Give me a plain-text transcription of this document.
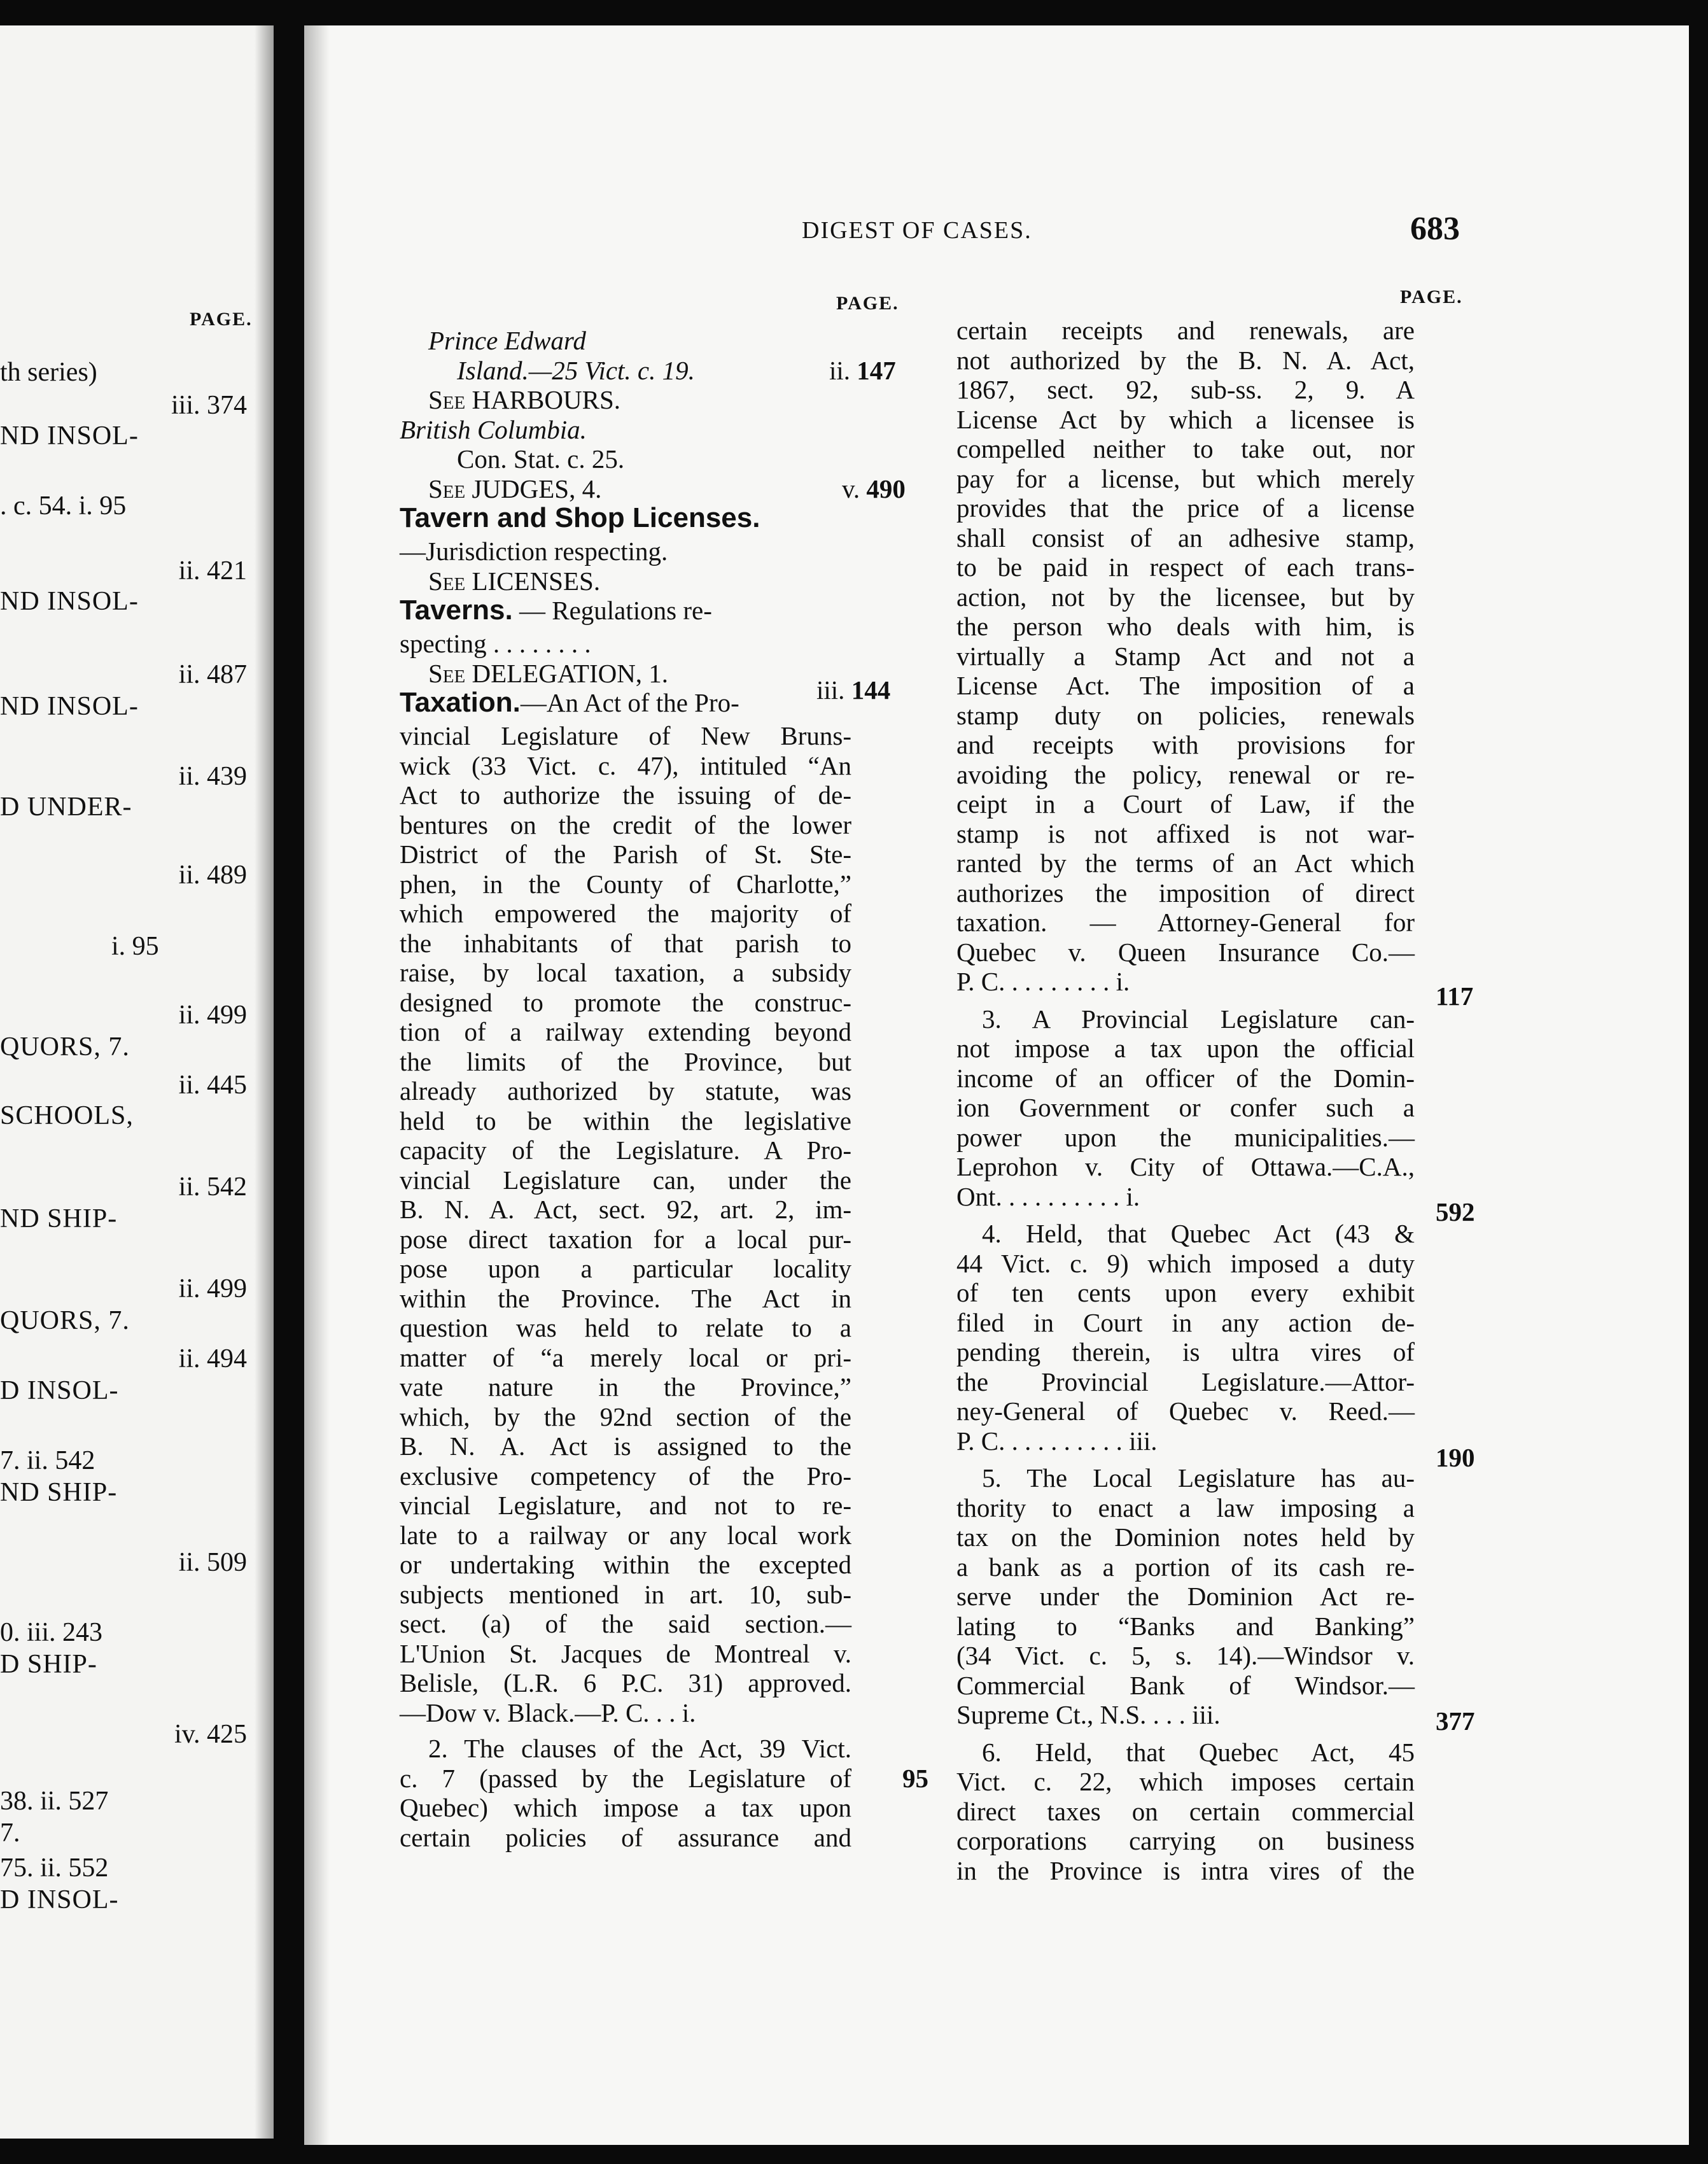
PAGE.
th series)
iii. 374
ND INSOL-
. c. 54. i. 95
ii. 421
ND INSOL-
ii. 487
ND INSOL-
ii. 439
D UNDER-
ii. 489
i. 95
ii. 499
QUORS, 7.
ii. 445
SCHOOLS,
ii. 542
ND SHIP-
ii. 499
QUORS, 7.
ii. 494
D INSOL-
7. ii. 542
ND SHIP-
ii. 509
0. iii. 243
D SHIP-
iv. 425
38. ii. 527
7.
75. ii. 552
D INSOL-
DIGEST OF CASES.	683
PAGE.	PAGE.
Prince Edward
Island.—25 Vict. c. 19.
See HARBOURS.
British Columbia.
Con. Stat. c. 25.
See JUDGES, 4.
Tavern and Shop Licenses.
—Jurisdiction respecting.
See LICENSES.
Taverns. — Regulations re-
specting . . . . . . . .
See DELEGATION, 1.
Taxation.—An Act of the Pro-
vincial Legislature of New Bruns-
wick (33 Vict. c. 47), intituled “An
Act to authorize the issuing of de-
bentures on the credit of the lower
District of the Parish of St. Ste-
phen, in the County of Charlotte,”
which empowered the majority of
the inhabitants of that parish to
raise, by local taxation, a subsidy
designed to promote the construc-
tion of a railway extending beyond
the limits of the Province, but
already authorized by statute, was
held to be within the legislative
capacity of the Legislature. A Pro-
vincial Legislature can, under the
B. N. A. Act, sect. 92, art. 2, im-
pose direct taxation for a local pur-
pose upon a particular locality
within the Province. The Act in
question was held to relate to a
matter of “a merely local or pri-
vate nature in the Province,”
which, by the 92nd section of the
B. N. A. Act is assigned to the
exclusive competency of the Pro-
vincial Legislature, and not to re-
late to a railway or any local work
or undertaking within the excepted
subjects mentioned in art. 10, sub-
sect. (a) of the said section.—
L'Union St. Jacques de Montreal v.
Belisle, (L.R. 6 P.C. 31) approved.
—Dow v. Black.—P. C. . . i.
2. The clauses of the Act, 39 Vict.
c. 7 (passed by the Legislature of
Quebec) which impose a tax upon
certain policies of assurance and
ii. 147
v. 490
iii. 144
95
certain receipts and renewals, are
not authorized by the B. N. A. Act,
1867, sect. 92, sub-ss. 2, 9. A
License Act by which a licensee is
compelled neither to take out, nor
pay for a license, but which merely
provides that the price of a license
shall consist of an adhesive stamp,
to be paid in respect of each trans-
action, not by the licensee, but by
the person who deals with him, is
virtually a Stamp Act and not a
License Act. The imposition of a
stamp duty on policies, renewals
and receipts with provisions for
avoiding the policy, renewal or re-
ceipt in a Court of Law, if the
stamp is not affixed is not war-
ranted by the terms of an Act which
authorizes the imposition of direct
taxation. — Attorney-General for
Quebec v. Queen Insurance Co.—
P. C. . . . . . . . . i.
3. A Provincial Legislature can-
not impose a tax upon the official
income of an officer of the Domin-
ion Government or confer such a
power upon the municipalities.—
Leprohon v. City of Ottawa.—C.A.,
Ont. . . . . . . . . . i.
4. Held, that Quebec Act (43 &
44 Vict. c. 9) which imposed a duty
of ten cents upon every exhibit
filed in Court in any action de-
pending therein, is ultra vires of
the Provincial Legislature.—Attor-
ney-General of Quebec v. Reed.—
P. C. . . . . . . . . . iii.
5. The Local Legislature has au-
thority to enact a law imposing a
tax on the Dominion notes held by
a bank as a portion of its cash re-
serve under the Dominion Act re-
lating to “Banks and Banking”
(34 Vict. c. 5, s. 14).—Windsor v.
Commercial Bank of Windsor.—
Supreme Ct., N.S. . . . iii.
6. Held, that Quebec Act, 45
Vict. c. 22, which imposes certain
direct taxes on certain commercial
corporations carrying on business
in the Province is intra vires of the
117
592
190
377
